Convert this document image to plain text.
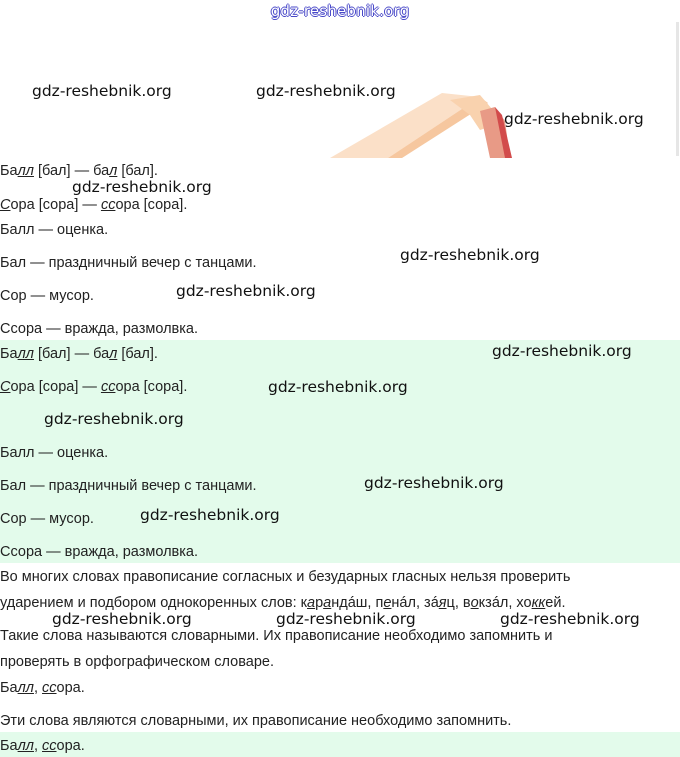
gdz-reshebnik.org
Балл [бал] — бал [бал].
Сора [сора] — ссора [сора].
Балл — оценка.
Бал — праздничный вечер с танцами.
Сор — мусор.
Ссора — вражда, размолвка.
Балл [бал] — бал [бал].
Сора [сора] — ссора [сора].
Балл — оценка.
Бал — праздничный вечер с танцами.
Сор — мусор.
Ссора — вражда, размолвка.
Во многих словах правописание согласных и безударных гласных нельзя проверить
ударением и подбором однокоренных слов: карандáш, пенáл, зáяц, вокзáл, хоккей.
Такие слова называются словарными. Их правописание необходимо запомнить и
проверять в орфографическом словаре.
Балл, ссора.
Эти слова являются словарными, их правописание необходимо запомнить.
Балл, ссора.
gdz-reshebnik.org	gdz-reshebnik.org
gdz-reshebnik.org
gdz-reshebnik.org
gdz-reshebnik.org
gdz-reshebnik.org
gdz-reshebnik.org
gdz-reshebnik.org
gdz-reshebnik.org
gdz-reshebnik.org
gdz-reshebnik.org
gdz-reshebnik.org	gdz-reshebnik.org	gdz-reshebnik.org
